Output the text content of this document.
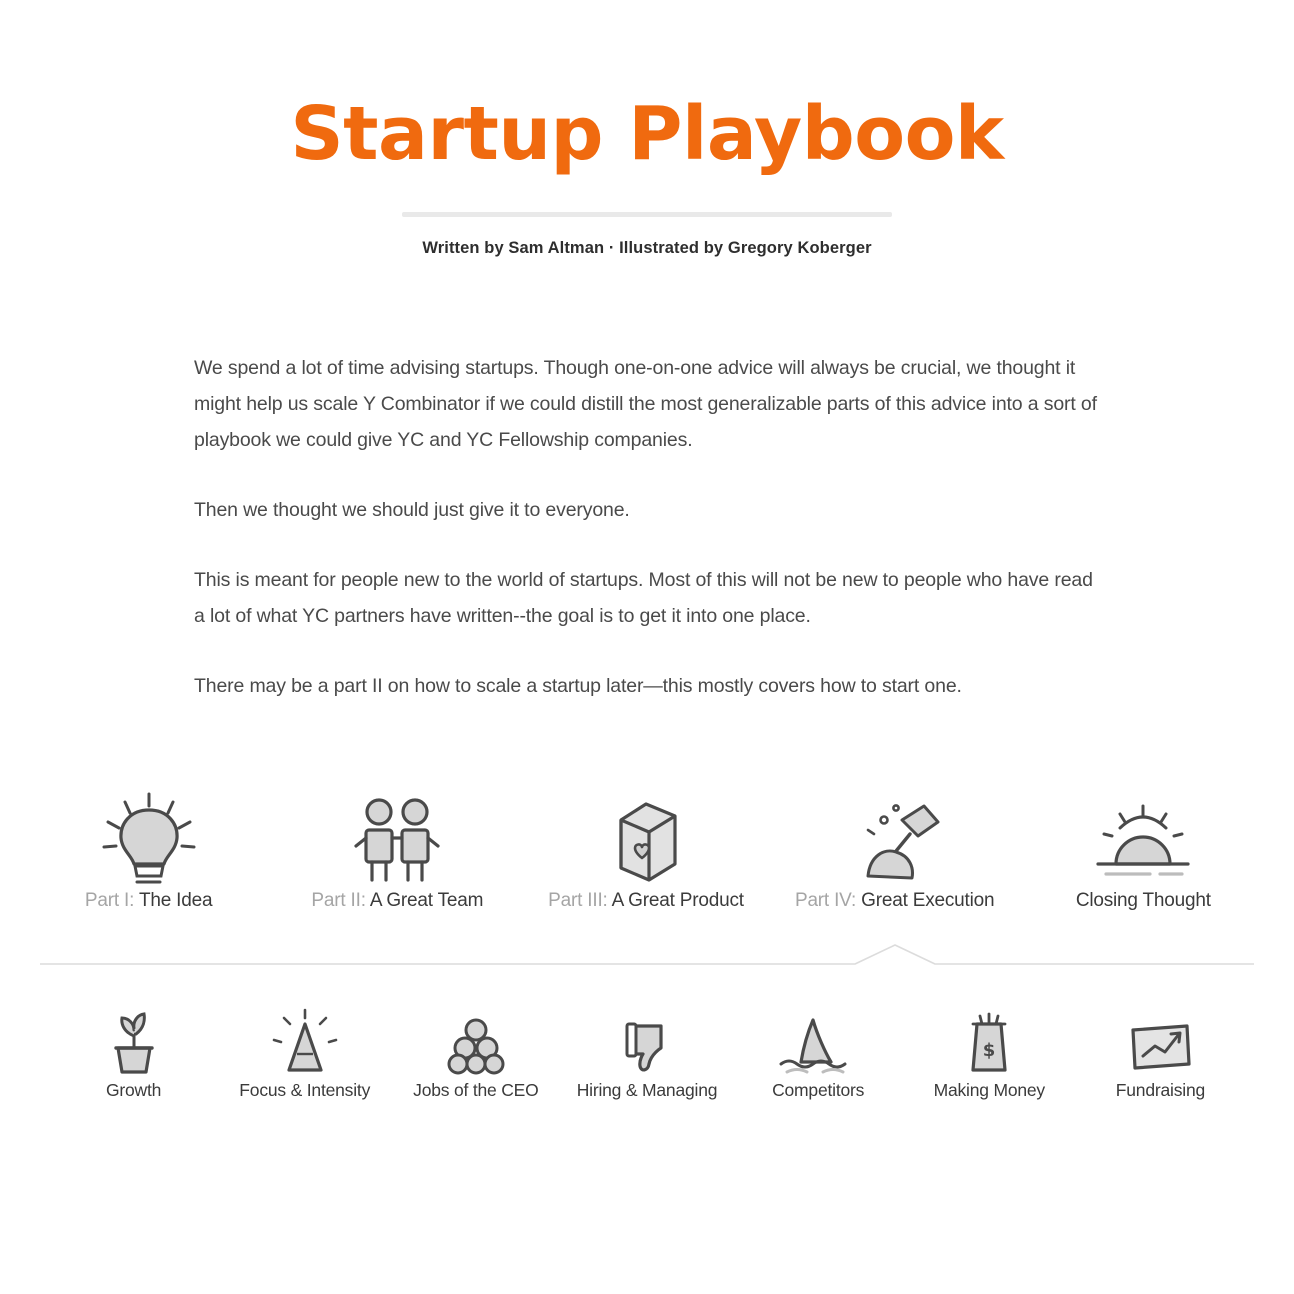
Startup Playbook
Written by Sam Altman · Illustrated by Gregory Koberger

We spend a lot of time advising startups. Though one-on-one advice will always be crucial, we thought it might help us scale Y Combinator if we could distill the most generalizable parts of this advice into a sort of playbook we could give YC and YC Fellowship companies.

Then we thought we should just give it to everyone.

This is meant for people new to the world of startups. Most of this will not be new to people who have read a lot of what YC partners have written--the goal is to get it into one place.

There may be a part II on how to scale a startup later—this mostly covers how to start one.

Part I: The Idea	Part II: A Great Team	Part III: A Great Product	Part IV: Great Execution	Closing Thought
Growth	Focus & Intensity	Jobs of the CEO	Hiring & Managing	Competitors
$
Making Money	Fundraising
